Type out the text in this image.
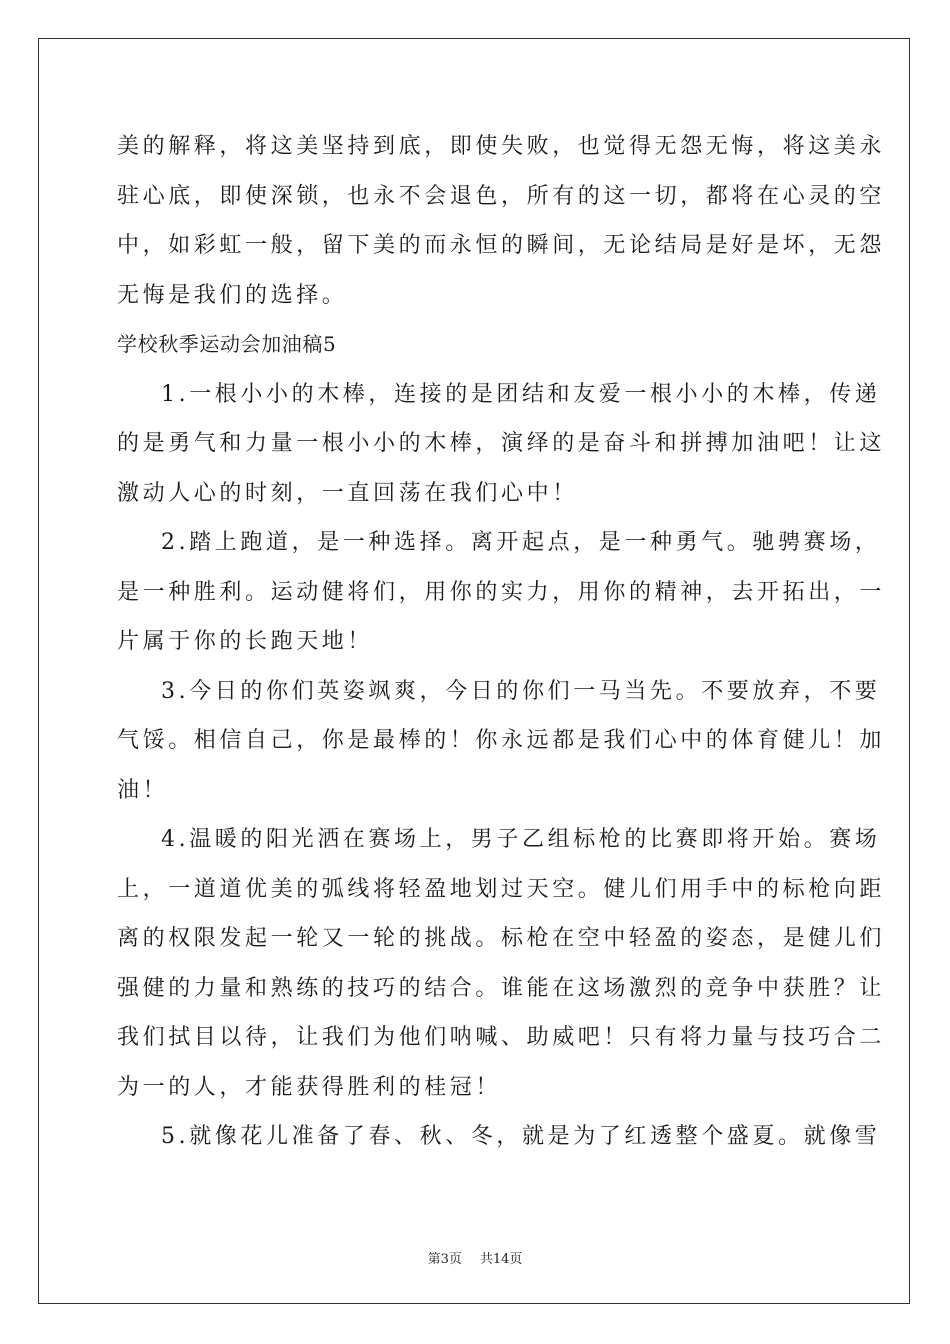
美的解释，将这美坚持到底，即使失败，也觉得无怨无悔，将这美永
驻心底，即使深锁，也永不会退色，所有的这一切，都将在心灵的空
中，如彩虹一般，留下美的而永恒的瞬间，无论结局是好是坏，无怨
无悔是我们的选择。
学校秋季运动会加油稿5
1.一根小小的木棒，连接的是团结和友爱一根小小的木棒，传递
的是勇气和力量一根小小的木棒，演绎的是奋斗和拼搏加油吧！让这
激动人心的时刻，一直回荡在我们心中！
2.踏上跑道，是一种选择。离开起点，是一种勇气。驰骋赛场，
是一种胜利。运动健将们，用你的实力，用你的精神，去开拓出，一
片属于你的长跑天地！
3.今日的你们英姿飒爽，今日的你们一马当先。不要放弃，不要
气馁。相信自己，你是最棒的！你永远都是我们心中的体育健儿！加
油！
4.温暖的阳光洒在赛场上，男子乙组标枪的比赛即将开始。赛场
上，一道道优美的弧线将轻盈地划过天空。健儿们用手中的标枪向距
离的权限发起一轮又一轮的挑战。标枪在空中轻盈的姿态，是健儿们
强健的力量和熟练的技巧的结合。谁能在这场激烈的竞争中获胜？让
我们拭目以待，让我们为他们呐喊、助威吧！只有将力量与技巧合二
为一的人，才能获得胜利的桂冠！
5.就像花儿准备了春、秋、冬，就是为了红透整个盛夏。就像雪
第3页 共14页
